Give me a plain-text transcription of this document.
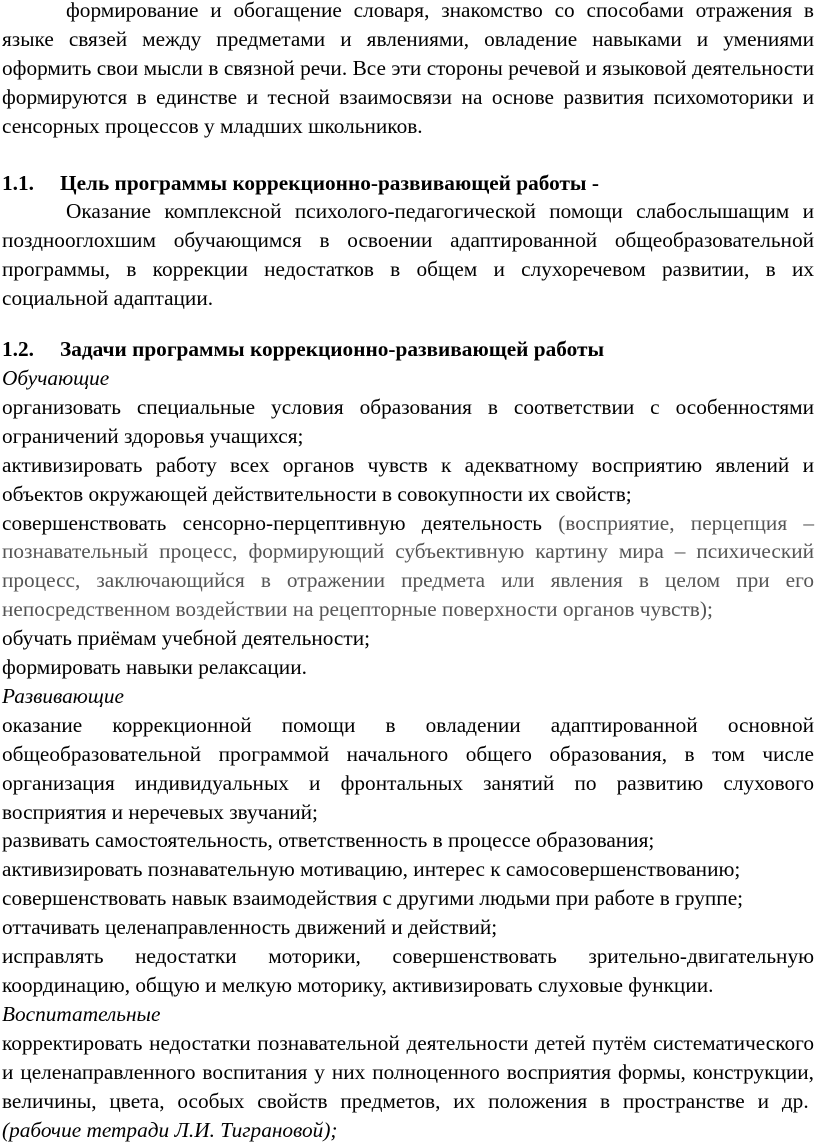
формирование и обогащение словаря, знакомство со способами отражения в языке связей между предметами и явлениями, овладение навыками и умениями оформить свои мысли в связной речи. Все эти стороны речевой и языковой деятельности формируются в единстве и тесной взаимосвязи на основе развития психомоторики и сенсорных процессов у младших школьников.

1.1. Цель программы коррекционно-развивающей работы -

Оказание комплексной психолого-педагогической помощи слабослышащим и позднооглохшим обучающимся в освоении адаптированной общеобразовательной программы, в коррекции недостатков в общем и слухоречевом развитии, в их социальной адаптации.

1.2. Задачи программы коррекционно-развивающей работы

Обучающие

организовать специальные условия образования в соответствии с особенностями ограничений здоровья учащихся;

активизировать работу всех органов чувств к адекватному восприятию явлений и объектов окружающей действительности в совокупности их свойств;

совершенствовать сенсорно-перцептивную деятельность (восприятие, перцепция – познавательный процесс, формирующий субъективную картину мира – психический процесс, заключающийся в отражении предмета или явления в целом при его непосредственном воздействии на рецепторные поверхности органов чувств);

обучать приёмам учебной деятельности;

формировать навыки релаксации.

Развивающие

оказание коррекционной помощи в овладении адаптированной основной общеобразовательной программой начального общего образования, в том числе организация индивидуальных и фронтальных занятий по развитию слухового восприятия и неречевых звучаний;

развивать самостоятельность, ответственность в процессе образования;

активизировать познавательную мотивацию, интерес к самосовершенствованию;

совершенствовать навык взаимодействия с другими людьми при работе в группе;

оттачивать целенаправленность движений и действий;

исправлять недостатки моторики, совершенствовать зрительно-двигательную координацию, общую и мелкую моторику, активизировать слуховые функции.

Воспитательные

корректировать недостатки познавательной деятельности детей путём систематического и целенаправленного воспитания у них полноценного восприятия формы, конструкции, величины, цвета, особых свойств предметов, их положения в пространстве и др.  (рабочие тетради Л.И. Тиграновой);
